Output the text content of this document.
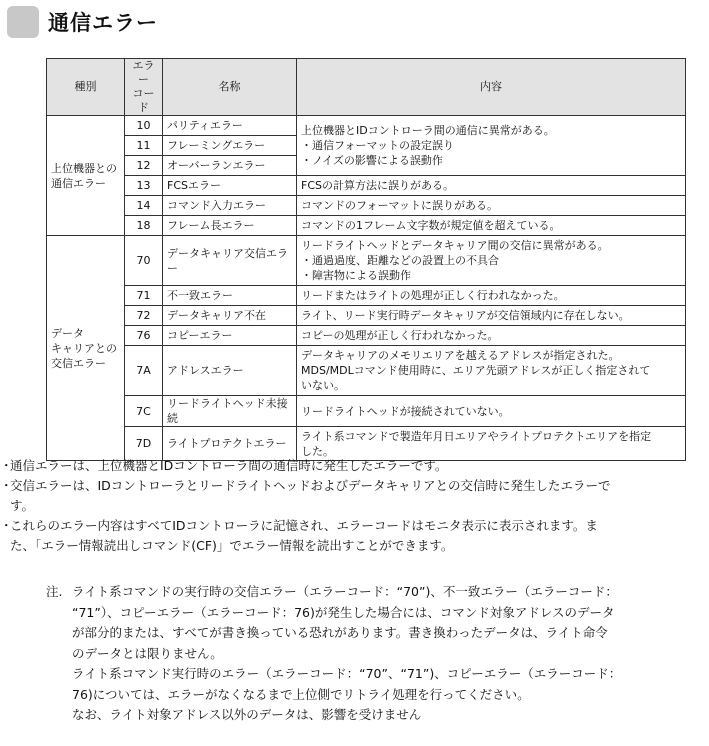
通信エラー
種別	エラー
コード	名称	内容
上位機器との
通信エラー	10	パリティエラー	上位機器とIDコントローラ間の通信に異常がある。
・通信フォーマットの設定誤り
・ノイズの影響による誤動作
	11	フレーミングエラー	
	12	オーバーランエラー	
	13	FCSエラー	FCSの計算方法に誤りがある。
	14	コマンド入力エラー	コマンドのフォーマットに誤りがある。
	18	フレーム長エラー	コマンドの1フレーム文字数が規定値を超えている。
データ
キャリアとの
交信エラー	70	データキャリア交信エラー	リードライトヘッドとデータキャリア間の交信に異常がある。
・通過過度、距離などの設置上の不具合
・障害物による誤動作
	71	不一致エラー	リードまたはライトの処理が正しく行われなかった。
	72	データキャリア不在	ライト、リード実行時データキャリアが交信領域内に存在しない。
	76	コピーエラー	コピーの処理が正しく行われなかった。
	7A	アドレスエラー	データキャリアのメモリエリアを越えるアドレスが指定された。
MDS/MDLコマンド使用時に、エリア先頭アドレスが正しく指定されて
いない。
	7C	リードライトヘッド未接続	リードライトヘッドが接続されていない。
	7D	ライトプロテクトエラー	ライト系コマンドで製造年月日エリアやライトプロテクトエリアを指定
した。
・
通信エラーは、上位機器とIDコントローラ間の通信時に発生したエラーです。
・
交信エラーは、IDコントローラとリードライトヘッドおよびデータキャリアとの交信時に発生したエラーで
す。
・
これらのエラー内容はすべてIDコントローラに記憶され、エラーコードはモニタ表示に表示されます。ま
た、「エラー情報読出しコマンド(CF)」でエラー情報を読出すことができます。
注. ライト系コマンドの実行時の交信エラー（エラーコード：“70”)、不一致エラー（エラーコード：
“71”）、コピーエラー（エラーコード：76)が発生した場合には、コマンド対象アドレスのデータ
が部分的または、すべてが書き換っている恐れがあります。書き換わったデータは、ライト命令
のデータとは限りません。
ライト系コマンド実行時のエラー（エラーコード：“70”、“71”)、コピーエラー（エラーコード：
76)については、エラーがなくなるまで上位側でリトライ処理を行ってください。
なお、ライト対象アドレス以外のデータは、影響を受けません
